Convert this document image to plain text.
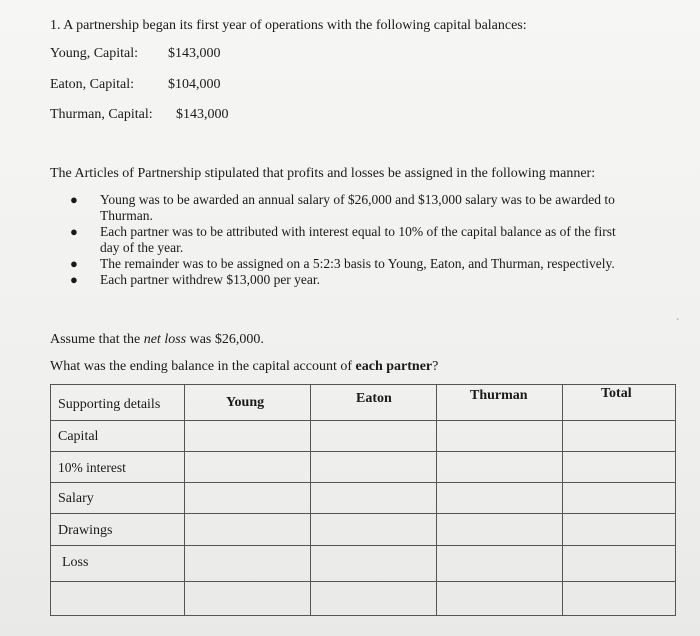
1. A partnership began its first year of operations with the following capital balances:
Young, Capital: $143,000
Eaton, Capital: $104,000
Thurman, Capital: $143,000
The Articles of Partnership stipulated that profits and losses be assigned in the following manner:
● Young was to be awarded an annual salary of $26,000 and $13,000 salary was to be awarded to
Thurman.
● Each partner was to be attributed with interest equal to 10% of the capital balance as of the first
day of the year.
● The remainder was to be assigned on a 5:2:3 basis to Young, Eaton, and Thurman, respectively.
● Each partner withdrew $13,000 per year.
Assume that the net loss was $26,000.
What was the ending balance in the capital account of each partner?
ˋ
Supporting details	Young	Eaton	Thurman	Total
Capital
10% interest
Salary
Drawings
Loss
